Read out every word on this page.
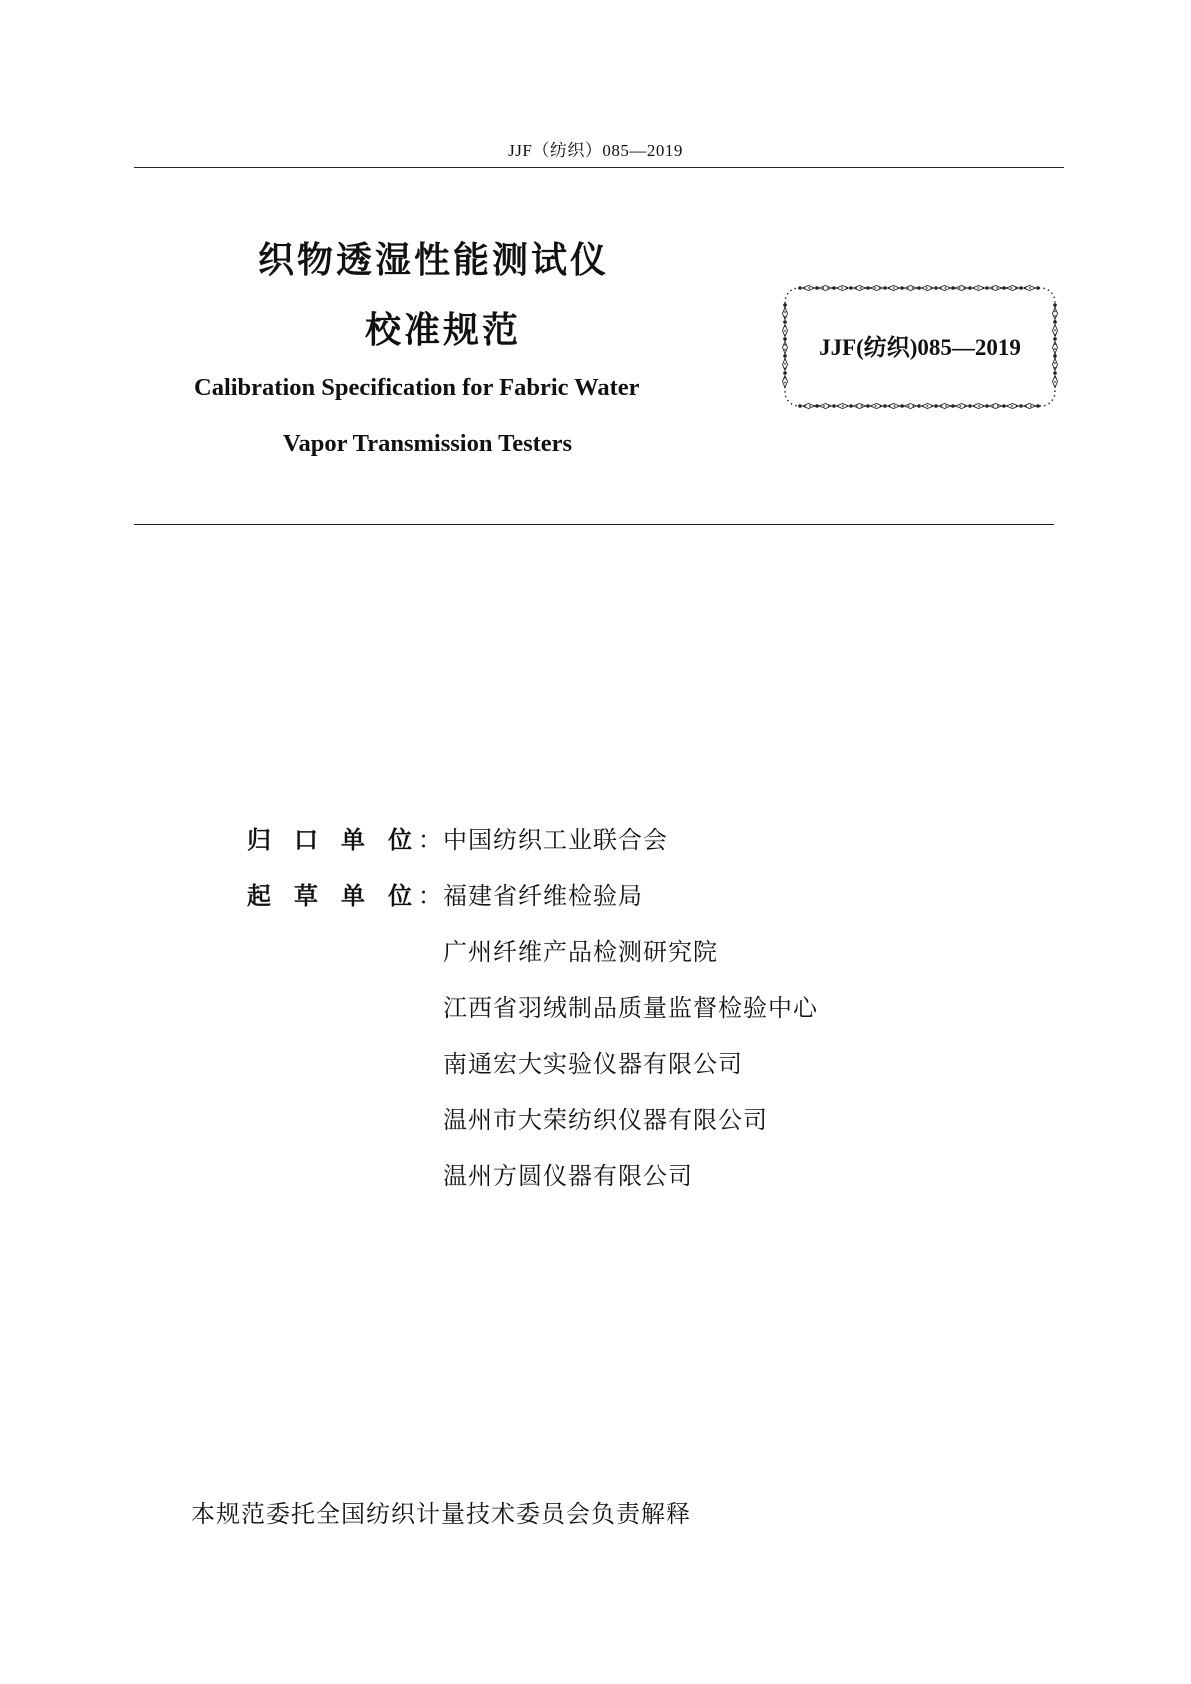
JJF（纺织）085—2019
织物透湿性能测试仪
校准规范
Calibration Specification for Fabric Water
Vapor Transmission Testers
JJF(纺织)085—2019
归 口 单 位 ： 中国纺织工业联合会
起 草 单 位 ： 福建省纤维检验局
广州纤维产品检测研究院
江西省羽绒制品质量监督检验中心
南通宏大实验仪器有限公司
温州市大荣纺织仪器有限公司
温州方圆仪器有限公司
本规范委托全国纺织计量技术委员会负责解释
